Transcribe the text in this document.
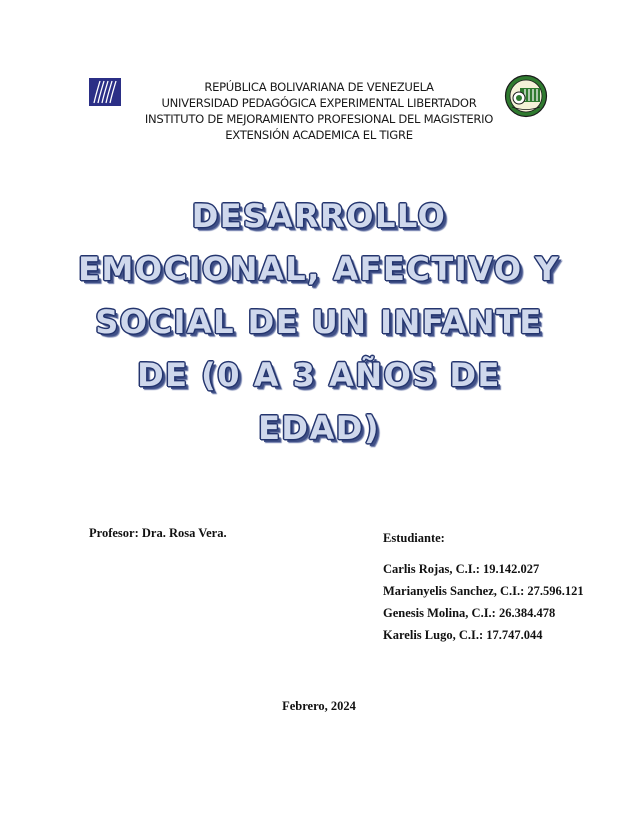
REPÚBLICA BOLIVARIANA DE VENEZUELA
UNIVERSIDAD PEDAGÓGICA EXPERIMENTAL LIBERTADOR
INSTITUTO DE MEJORAMIENTO PROFESIONAL DEL MAGISTERIO
EXTENSIÓN ACADEMICA EL TIGRE
DESARROLLO
EMOCIONAL, AFECTIVO Y
SOCIAL DE UN INFANTE
DE (0 A 3 AÑOS DE
EDAD)
Profesor: Dra. Rosa Vera.	Estudiante:
Carlis Rojas, C.I.: 19.142.027
Marianyelis Sanchez, C.I.: 27.596.121
Genesis Molina, C.I.: 26.384.478
Karelis Lugo, C.I.: 17.747.044
Febrero, 2024
